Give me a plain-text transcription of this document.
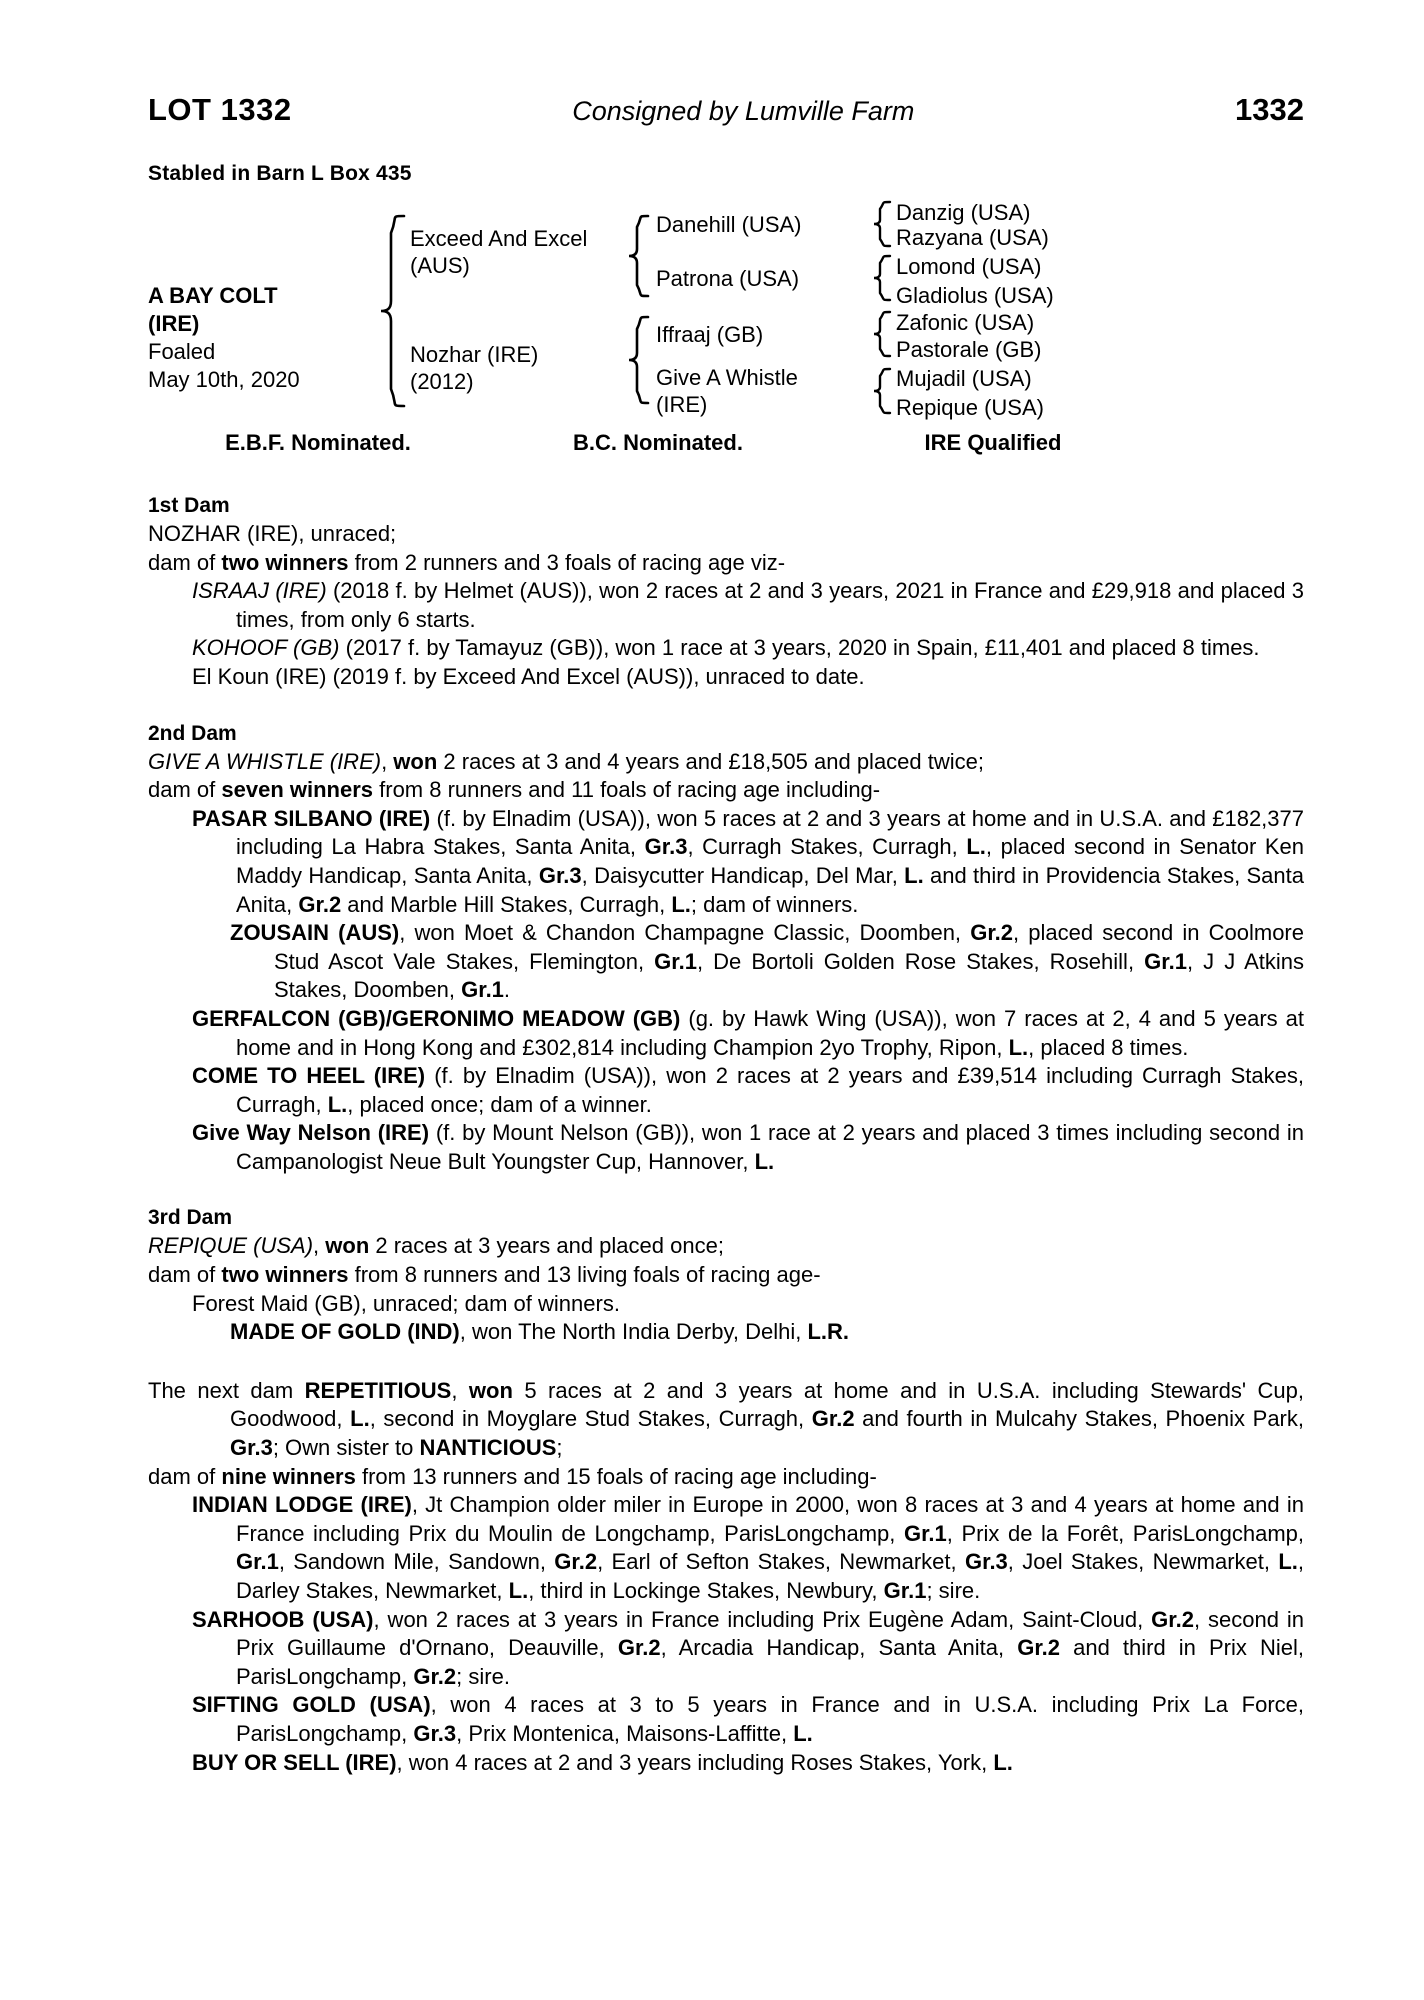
LOT 1332	Consigned by Lumville Farm	1332
Stabled in Barn L Box 435
A BAY COLT
(IRE)
Foaled
May 10th, 2020
Exceed And Excel
(AUS)
Nozhar (IRE)
(2012)
Danehill (USA)
Patrona (USA)
Iffraaj (GB)
Give A Whistle
(IRE)
Danzig (USA)
Razyana (USA)
Lomond (USA)
Gladiolus (USA)
Zafonic (USA)
Pastorale (GB)
Mujadil (USA)
Repique (USA)
E.B.F. Nominated.	B.C. Nominated.	IRE Qualified
1st Dam

NOZHAR (IRE), unraced;

dam of two winners from 2 runners and 3 foals of racing age viz-

ISRAAJ (IRE) (2018 f. by Helmet (AUS)), won 2 races at 2 and 3 years, 2021 in France and £29,918 and placed 3 times, from only 6 starts.

KOHOOF (GB) (2017 f. by Tamayuz (GB)), won 1 race at 3 years, 2020 in Spain, £11,401 and placed 8 times.

El Koun (IRE) (2019 f. by Exceed And Excel (AUS)), unraced to date.

2nd Dam

GIVE A WHISTLE (IRE), won 2 races at 3 and 4 years and £18,505 and placed twice;

dam of seven winners from 8 runners and 11 foals of racing age including-

PASAR SILBANO (IRE) (f. by Elnadim (USA)), won 5 races at 2 and 3 years at home and in U.S.A. and £182,377 including La Habra Stakes, Santa Anita, Gr.3, Curragh Stakes, Curragh, L., placed second in Senator Ken Maddy Handicap, Santa Anita, Gr.3, Daisycutter Handicap, Del Mar, L. and third in Providencia Stakes, Santa Anita, Gr.2 and Marble Hill Stakes, Curragh, L.; dam of winners.

ZOUSAIN (AUS), won Moet & Chandon Champagne Classic, Doomben, Gr.2, placed second in Coolmore Stud Ascot Vale Stakes, Flemington, Gr.1, De Bortoli Golden Rose Stakes, Rosehill, Gr.1, J J Atkins Stakes, Doomben, Gr.1.

GERFALCON (GB)/GERONIMO MEADOW (GB) (g. by Hawk Wing (USA)), won 7 races at 2, 4 and 5 years at home and in Hong Kong and £302,814 including Champion 2yo Trophy, Ripon, L., placed 8 times.

COME TO HEEL (IRE) (f. by Elnadim (USA)), won 2 races at 2 years and £39,514 including Curragh Stakes, Curragh, L., placed once; dam of a winner.

Give Way Nelson (IRE) (f. by Mount Nelson (GB)), won 1 race at 2 years and placed 3 times including second in Campanologist Neue Bult Youngster Cup, Hannover, L.

3rd Dam

REPIQUE (USA), won 2 races at 3 years and placed once;

dam of two winners from 8 runners and 13 living foals of racing age-

Forest Maid (GB), unraced; dam of winners.

MADE OF GOLD (IND), won The North India Derby, Delhi, L.R.

The next dam REPETITIOUS, won 5 races at 2 and 3 years at home and in U.S.A. including Stewards' Cup, Goodwood, L., second in Moyglare Stud Stakes, Curragh, Gr.2 and fourth in Mulcahy Stakes, Phoenix Park, Gr.3; Own sister to NANTICIOUS;

dam of nine winners from 13 runners and 15 foals of racing age including-

INDIAN LODGE (IRE), Jt Champion older miler in Europe in 2000, won 8 races at 3 and 4 years at home and in France including Prix du Moulin de Longchamp, ParisLongchamp, Gr.1, Prix de la Forêt, ParisLongchamp, Gr.1, Sandown Mile, Sandown, Gr.2, Earl of Sefton Stakes, Newmarket, Gr.3, Joel Stakes, Newmarket, L., Darley Stakes, Newmarket, L., third in Lockinge Stakes, Newbury, Gr.1; sire.

SARHOOB (USA), won 2 races at 3 years in France including Prix Eugène Adam, Saint-Cloud, Gr.2, second in Prix Guillaume d'Ornano, Deauville, Gr.2, Arcadia Handicap, Santa Anita, Gr.2 and third in Prix Niel, ParisLongchamp, Gr.2; sire.

SIFTING GOLD (USA), won 4 races at 3 to 5 years in France and in U.S.A. including Prix La Force, ParisLongchamp, Gr.3, Prix Montenica, Maisons-Laffitte, L.

BUY OR SELL (IRE), won 4 races at 2 and 3 years including Roses Stakes, York, L.
